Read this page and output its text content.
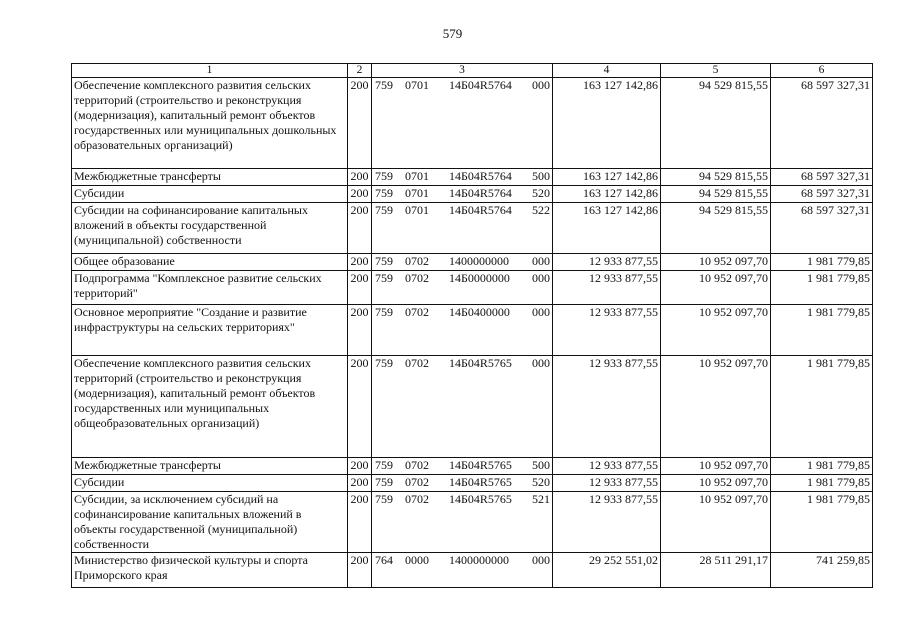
579
1	2	3	4	5	6
Обеспечение комплексного развития сельских территорий (строительство и реконструкция (модернизация), капитальный ремонт объектов государственных или муниципальных дошкольных образовательных организаций)	200	759 0701 14Б04R5764 000	163 127 142,86	94 529 815,55	68 597 327,31
Межбюджетные трансферты	200	759 0701 14Б04R5764 500	163 127 142,86	94 529 815,55	68 597 327,31
Субсидии	200	759 0701 14Б04R5764 520	163 127 142,86	94 529 815,55	68 597 327,31
Субсидии на софинансирование капитальных вложений в объекты государственной (муниципальной) собственности	200	759 0701 14Б04R5764 522	163 127 142,86	94 529 815,55	68 597 327,31
Общее образование	200	759 0702 1400000000 000	12 933 877,55	10 952 097,70	1 981 779,85
Подпрограмма "Комплексное развитие сельских территорий"	200	759 0702 14Б0000000 000	12 933 877,55	10 952 097,70	1 981 779,85
Основное мероприятие "Создание и развитие инфраструктуры на сельских территориях"	200	759 0702 14Б0400000 000	12 933 877,55	10 952 097,70	1 981 779,85
Обеспечение комплексного развития сельских территорий (строительство и реконструкция (модернизация), капитальный ремонт объектов государственных или муниципальных общеобразовательных организаций)	200	759 0702 14Б04R5765 000	12 933 877,55	10 952 097,70	1 981 779,85
Межбюджетные трансферты	200	759 0702 14Б04R5765 500	12 933 877,55	10 952 097,70	1 981 779,85
Субсидии	200	759 0702 14Б04R5765 520	12 933 877,55	10 952 097,70	1 981 779,85
Субсидии, за исключением субсидий на софинансирование капитальных вложений в объекты государственной (муниципальной) собственности	200	759 0702 14Б04R5765 521	12 933 877,55	10 952 097,70	1 981 779,85
Министерство физической культуры и спорта Приморского края	200	764 0000 1400000000 000	29 252 551,02	28 511 291,17	741 259,85
